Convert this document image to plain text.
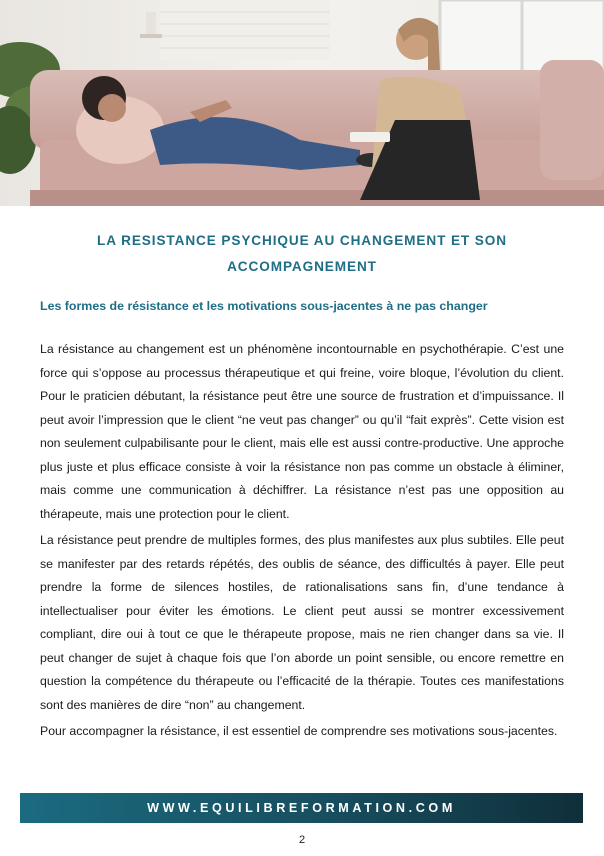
LA RESISTANCE PSYCHIQUE AU CHANGEMENT ET SON ACCOMPAGNEMENT
Les formes de résistance et les motivations sous-jacentes à ne pas changer

La résistance au changement est un phénomène incontournable en psychothérapie. C’est une force qui s’oppose au processus thérapeutique et qui freine, voire bloque, l’évolution du client. Pour le praticien débutant, la résistance peut être une source de frustration et d’impuissance. Il peut avoir l’impression que le client “ne veut pas changer” ou qu’il “fait exprès”. Cette vision est non seulement culpabilisante pour le client, mais elle est aussi contre-productive. Une approche plus juste et plus efficace consiste à voir la résistance non pas comme un obstacle à éliminer, mais comme une communication à déchiffrer. La résistance n’est pas une opposition au thérapeute, mais une protection pour le client.

La résistance peut prendre de multiples formes, des plus manifestes aux plus subtiles. Elle peut se manifester par des retards répétés, des oublis de séance, des difficultés à payer. Elle peut prendre la forme de silences hostiles, de rationalisations sans fin, d’une tendance à intellectualiser pour éviter les émotions. Le client peut aussi se montrer excessivement compliant, dire oui à tout ce que le thérapeute propose, mais ne rien changer dans sa vie. Il peut changer de sujet à chaque fois que l’on aborde un point sensible, ou encore remettre en question la compétence du thérapeute ou l’efficacité de la thérapie. Toutes ces manifestations sont des manières de dire “non” au changement.

Pour accompagner la résistance, il est essentiel de comprendre ses motivations sous-jacentes.

WWW.EQUILIBREFORMATION.COM
2
